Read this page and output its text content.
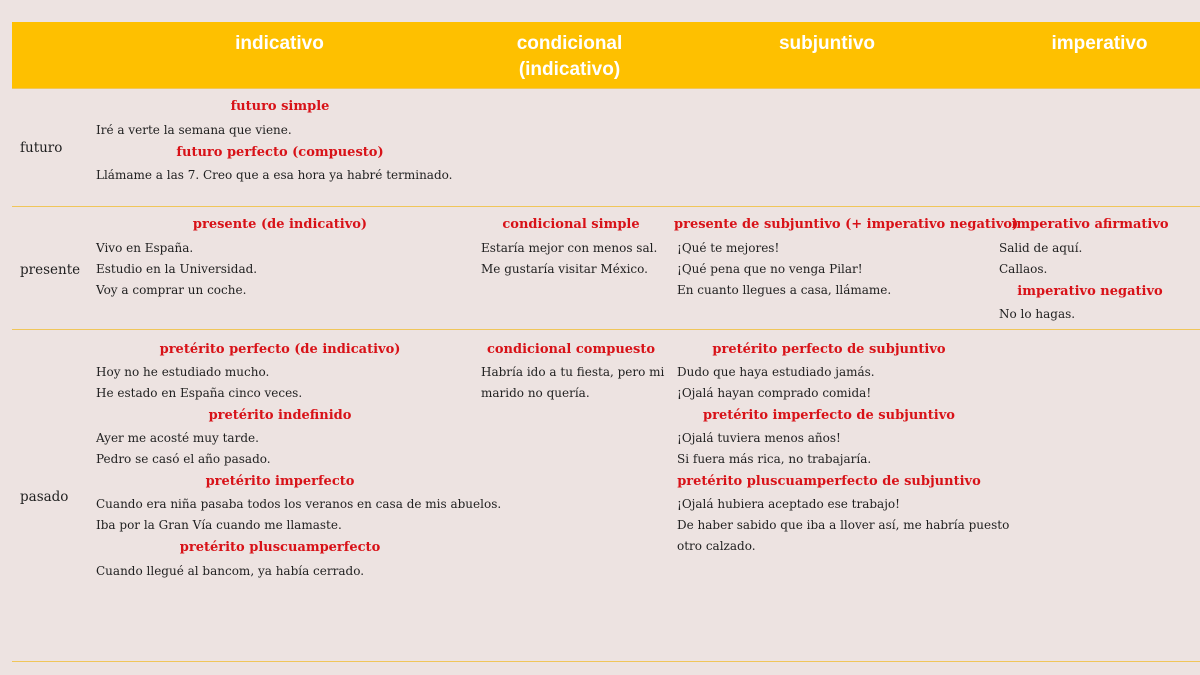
indicativo	condicional
(indicativo)
subjuntivo	imperativo
futuro
futuro simple
Iré a verte la semana que viene.
futuro perfecto (compuesto)
Llámame a las 7. Creo que a esa hora ya habré terminado.
presente
presente (de indicativo)
Vivo en España.
Estudio en la Universidad.
Voy a comprar un coche.
condicional simple
Estaría mejor con menos sal.
Me gustaría visitar México.
presente de subjuntivo (+ imperativo negativo)
¡Qué te mejores!
¡Qué pena que no venga Pilar!
En cuanto llegues a casa, llámame.
imperativo afirmativo
Salid de aquí.
Callaos.
imperativo negativo
No lo hagas.
pasado
pretérito perfecto (de indicativo)
Hoy no he estudiado mucho.
He estado en España cinco veces.
pretérito indefinido
Ayer me acosté muy tarde.
Pedro se casó el año pasado.
pretérito imperfecto
Cuando era niña pasaba todos los veranos en casa de mis abuelos.
Iba por la Gran Vía cuando me llamaste.
pretérito pluscuamperfecto
Cuando llegué al bancom, ya había cerrado.
condicional compuesto
Habría ido a tu fiesta, pero mi
marido no quería.
pretérito perfecto de subjuntivo
Dudo que haya estudiado jamás.
¡Ojalá hayan comprado comida!
pretérito imperfecto de subjuntivo
¡Ojalá tuviera menos años!
Si fuera más rica, no trabajaría.
pretérito pluscuamperfecto de subjuntivo
¡Ojalá hubiera aceptado ese trabajo!
De haber sabido que iba a llover así, me habría puesto
otro calzado.
